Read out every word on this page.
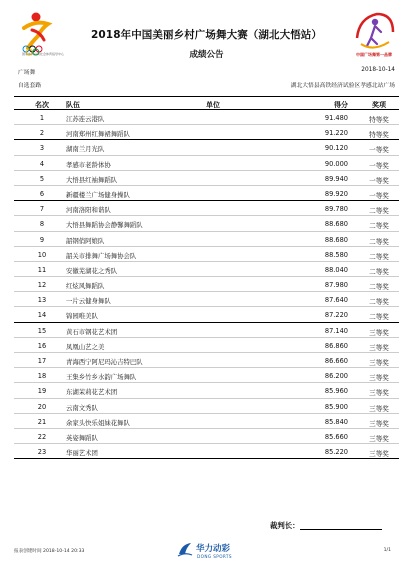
国家体育总局社会体育指导中心	中国广场舞第一品牌
2018年中国美丽乡村广场舞大赛（湖北大悟站）
成绩公告
广场舞	2018-10-14
自选套路	湖北大悟县高铁经济试验区孝感北站广场
名次	队伍	单位	得分	奖项
1	江苏连云港队	91.480	特等奖
2	河南郑州红舞裙舞蹈队	91.220	特等奖
3	湖南兰月光队	90.120	一等奖
4	孝感市老龄体协	90.000	一等奖
5	大悟县红袖舞蹈队	89.940	一等奖
6	新疆楼兰广场健身操队	89.920	一等奖
7	河南洛阳和谐队	89.780	二等奖
8	大悟县舞蹈协会静馨舞蹈队	88.680	二等奖
9	韶钢俏阿娘队	88.680	二等奖
10	韶关市排舞广场舞协会队	88.580	二等奖
11	安徽芜湖花之秀队	88.040	二等奖
12	红炫风舞蹈队	87.980	二等奖
13	一片云健身舞队	87.640	二等奖
14	锦园唯美队	87.220	二等奖
15	黄石市钢花艺术团	87.140	三等奖
16	凤凰山艺之美	86.860	三等奖
17	青海西宁阿尼玛沁吉特巴队	86.660	三等奖
18	王集乡竹乡水韵广场舞队	86.200	三等奖
19	东湖茉莉花艺术团	85.960	三等奖
20	云南文秀队	85.900	三等奖
21	余家头快乐姐妹花舞队	85.840	三等奖
22	英姿舞蹈队	85.660	三等奖
23	华丽艺术团	85.220	三等奖
裁判长：
报表创建时间 2018-10-14 20:33	华力动彩
DONG SPORTS
1/1
